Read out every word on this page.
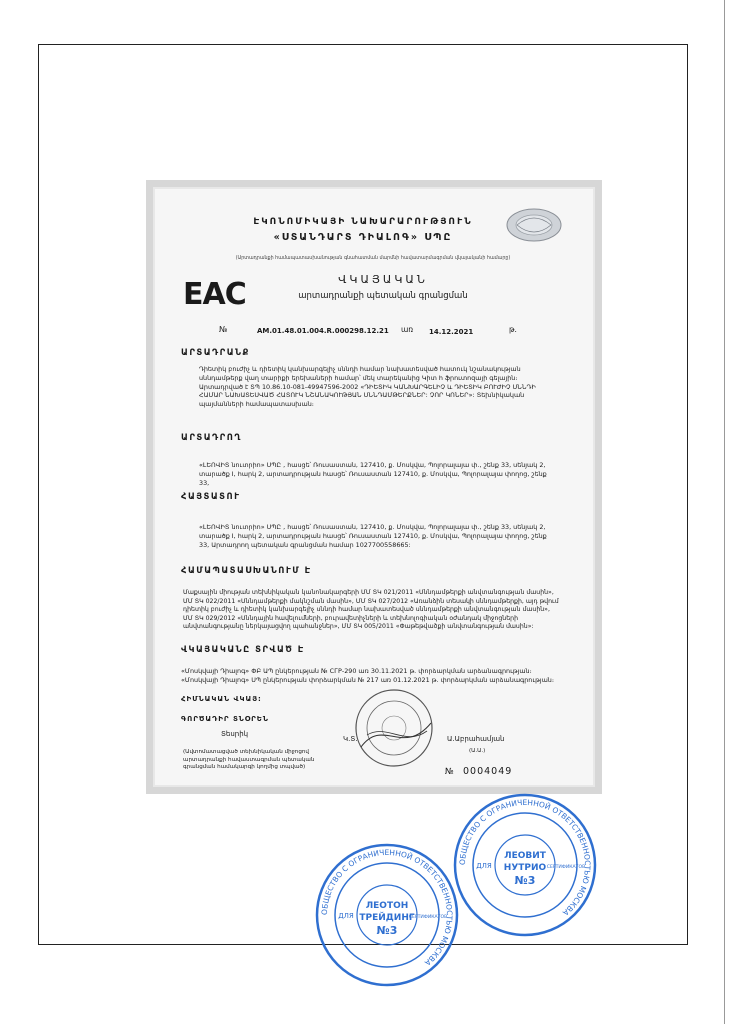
ԷԿՈՆՈՄԻԿԱՅԻ ՆԱԽԱՐԱՐՈՒԹՅՈՒՆ
«ՍՏԱՆԴԱՐՏ ԴԻԱԼՈԳ» ՍՊԸ
(Արտադրանքի համապատասխանության գնահատման մարմնի հավատարմագրման վկայականի համարը)
EAC	ՎԿԱՅԱԿԱՆ
արտադրանքի պետական գրանցման
№	AM.01.48.01.004.R.000298.12.21 առ 14.12.2021	թ.
ԱՐՏԱԴՐԱՆՔ
Դիետիկ բուժիչ և դիետիկ կանխարգելիչ սննդի համար նախատեսված հատուկ նշանակության սննդամթերք վաղ տարիքի երեխաների համար՝ մեկ տարեկանից Կիտ հ ֆրուտոզայի գելային։ Արտադրված է ՏՊ 10.86.10-081-49947596-2002 «ԴԻԵՏԻԿ ԿԱՆԽԱՐԳԵԼԻՉ և ԴԻԵՏԻԿ ԲՈՒԺԻՉ ՍՆՆԴԻ ՀԱՄԱՐ ՆԱԽԱՏԵՍՎԱԾ ՀԱՏՈՒԿ ՆՇԱՆԱԿՈՒԹՅԱՆ ՍՆՆԴԱՄԹԵՐՔՆԵՐ: ՉՈՐ ԿՈՆԵՐ»: Տեխնիկական պայմանների համապատասխան։
ԱՐՏԱԴՐՈՂ
«ԼԵՈՎԻՏ նուտրիո» ՍՊԸ , հասցե՝ Ռուսաստան, 127410, ք. Մոսկվա, Պոլորալայա փ., շենք 33, սենյակ 2, տարածք I, հարկ 2, արտադրության հասցե՝ Ռուսաստան 127410, ք. Մոսկվա, Պոլորալայա փողոց, շենք 33,
ՀԱՅՏԱՏՈՒ
«ԼԵՈՎԻՏ նուտրիո» ՍՊԸ , հասցե՝ Ռուսաստան, 127410, ք. Մոսկվա, Պոլորալայա փ., շենք 33, սենյակ 2, տարածք I, հարկ 2, արտադրության հասցե՝ Ռուսաստան 127410, ք. Մոսկվա, Պոլորալայա փողոց, շենք 33, Արտադրող պետական գրանցման համար 1027700558665:
ՀԱՄԱՊԱՏԱՍԽԱՆՈՒՄ Է
Մաքսային միության տեխնիկական կանոնակարգերի ՄՄ ՏԿ 021/2011 «Սննդամթերքի անվտանգության մասին», ՄՄ ՏԿ 022/2011 «Սննդամթերքի մակնշման մասին», ՄՄ ՏԿ 027/2012 «Առանձին տեսակի սննդամթերքի, այդ թվում դիետիկ բուժիչ և դիետիկ կանխարգելիչ սննդի համար նախատեսված սննդամթերքի անվտանգության մասին», ՄՄ ՏԿ 029/2012 «Սննդային հավելումների, բուրավետիչների և տեխնոլոգիական օժանդակ միջոցների անվտանգությանը ներկայացվող պահանջներ», ՄՄ ՏԿ 005/2011 «Փաթեթվածքի անվտանգության մասին»:
ՎԿԱՅԱԿԱՆԸ ՏՐՎԱԾ Է
«Մոսկվայի Դիալոգ» ՓԲ ԱՊ ընկերության № СГР-290 առ 30.11.2021 թ. փորձարկման արձանագրության։ «Մոսկվայի Դիալոգ» ՍՊ ընկերության փորձարկման № 217 առ 01.12.2021 թ. փորձարկման արձանագրության։
ՀԻՄՆԱԿԱՆ ՎԿԱՅ:
ԳՈՐԾԱԴԻՐ ՏՆՕՐԵՆ
Տեսրիկ
Կ.Տ.	Ա.Աբրահամյան
(Ա.Ա.)
(Ավտոմատացված տեխնիկական միջոցով արտադրանքի հավաստագրման պետական գրանցման համակարգի կողմից տպված)	№ 0004049
ОБЩЕСТВО С ОГРАНИЧЕННОЙ ОТВЕТСТВЕННОСТЬЮ МОСКВА
ЛЕОТОН
ТРЕЙДИНГ
№3
ДЛЯ	СЕРТИФИКАТОВ
ОБЩЕСТВО С ОГРАНИЧЕННОЙ ОТВЕТСТВЕННОСТЬЮ МОСКВА
ЛЕОВИТ
НУТРИО
№3
ДЛЯ	СЕРТИФИКАТОВ
